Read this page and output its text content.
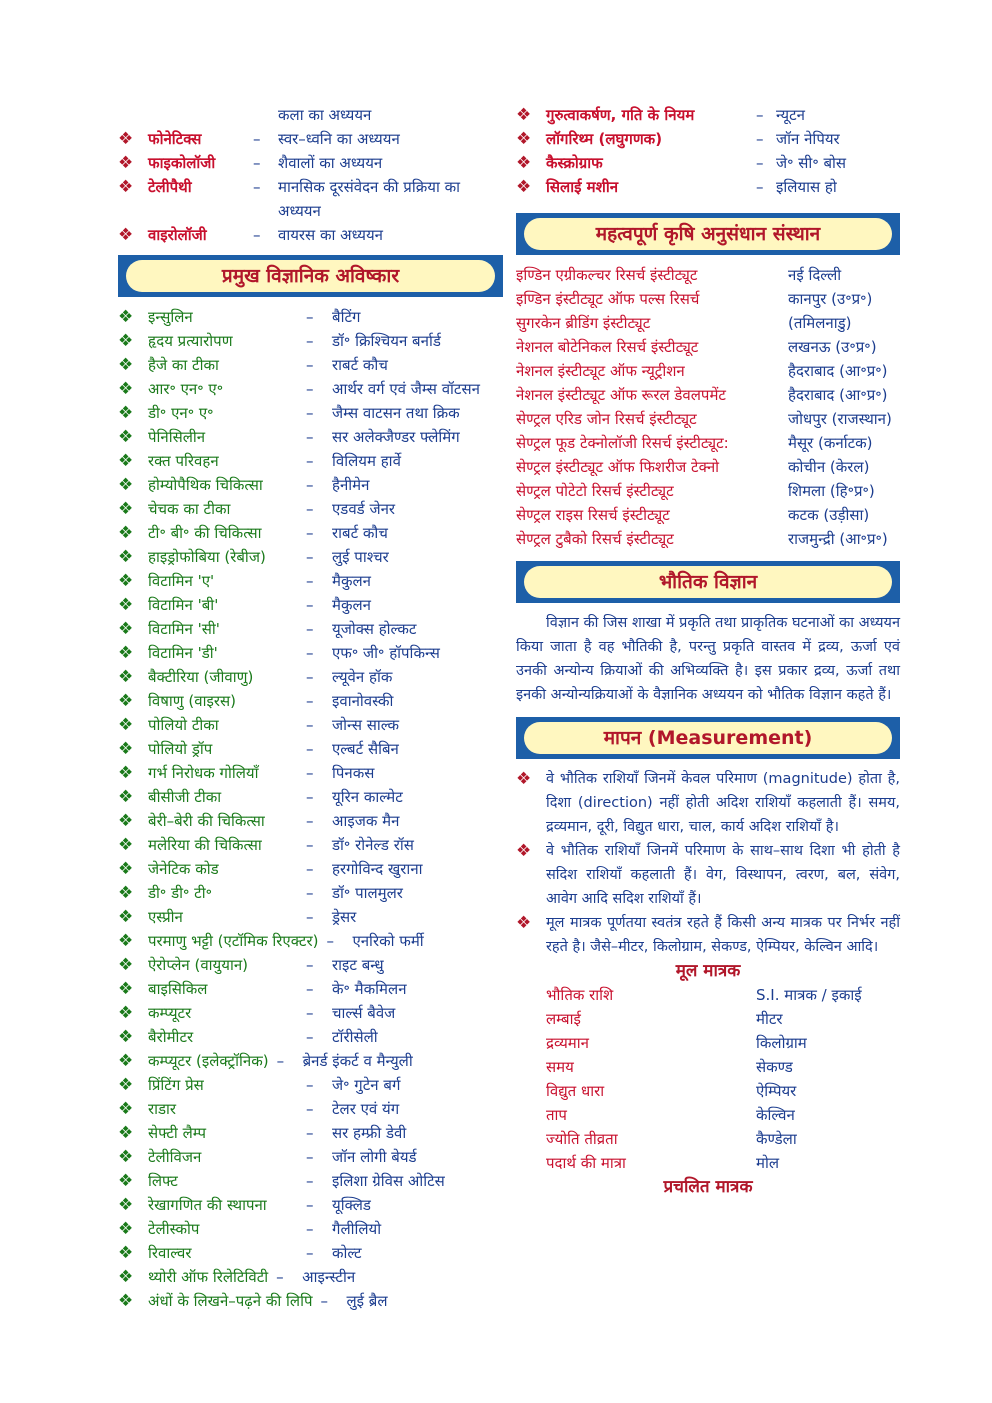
कला का अध्ययन
❖ फोनेटिक्स	–	स्वर–ध्वनि का अध्ययन
❖ फाइकोलॉजी	–	शैवालों का अध्ययन
❖ टेलीपैथी	–	मानसिक दूरसंवेदन की प्रक्रिया का
अध्ययन
❖ वाइरोलॉजी	–	वायरस का अध्ययन
प्रमुख विज्ञानिक अविष्कार
❖ इन्सुलिन	–	बैटिंग
❖ हृदय प्रत्यारोपण	–	डॉ॰ क्रिश्चियन बर्नार्ड
❖ हैजे का टीका	–	राबर्ट कौच
❖ आर॰ एन॰ ए॰	–	आर्थर वर्ग एवं जैम्स वॉटसन
❖ डी॰ एन॰ ए॰	–	जैम्स वाटसन तथा क्रिक
❖ पेनिसिलीन	–	सर अलेक्जैण्डर फ्लेमिंग
❖ रक्त परिवहन	–	विलियम हार्वे
❖ होम्योपैथिक चिकित्सा	–	हैनीमेन
❖ चेचक का टीका	–	एडवर्ड जेनर
❖ टी॰ बी॰ की चिकित्सा	–	राबर्ट कौच
❖ हाइड्रोफोबिया (रेबीज)	–	लुई पाश्चर
❖ विटामिन 'ए'	–	मैकुलन
❖ विटामिन 'बी'	–	मैकुलन
❖ विटामिन 'सी'	–	यूजोक्स होल्कट
❖ विटामिन 'डी'	–	एफ॰ जी॰ हॉपकिन्स
❖ बैक्टीरिया (जीवाणु)	–	ल्यूवेन हॉक
❖ विषाणु (वाइरस)	–	इवानोवस्की
❖ पोलियो टीका	–	जोन्स साल्क
❖ पोलियो ड्रॉप	–	एल्बर्ट सैबिन
❖ गर्भ निरोधक गोलियाँ	–	पिनकस
❖ बीसीजी टीका	–	यूरिन काल्मेट
❖ बेरी–बेरी की चिकित्सा	–	आइजक मैन
❖ मलेरिया की चिकित्सा	–	डॉ॰ रोनेल्ड रॉस
❖ जेनेटिक कोड	–	हरगोविन्द खुराना
❖ डी॰ डी॰ टी॰	–	डॉ॰ पालमुलर
❖ एस्प्रीन	–	ड्रेसर
❖ परमाणु भट्टी (एटॉमिक रिएक्टर) –	एनरिको फर्मी
❖ ऐरोप्लेन (वायुयान)	–	राइट बन्धु
❖ बाइसिकिल	–	के॰ मैकमिलन
❖ कम्प्यूटर	–	चार्ल्स बैवेज
❖ बैरोमीटर	–	टॉरीसेली
❖ कम्प्यूटर (इलेक्ट्रॉनिक) –	ब्रेनर्ड इंकर्ट व मैन्युली
❖ प्रिंटिंग प्रेस	–	जे॰ गुटेन बर्ग
❖ राडार	–	टेलर एवं यंग
❖ सेफ्टी लैम्प	–	सर हम्फ्री डेवी
❖ टेलीविजन	–	जॉन लोगी बेयर्ड
❖ लिफ्ट	–	इलिशा ग्रेविस ओटिस
❖ रेखागणित की स्थापना	–	यूक्लिड
❖ टेलीस्कोप	–	गैलीलियो
❖ रिवाल्वर	–	कोल्ट
❖ थ्योरी ऑफ रिलेटिविटी –	आइन्स्टीन
❖ अंधों के लिखने–पढ़ने की लिपि –	लुई ब्रैल
❖ गुरुत्वाकर्षण, गति के नियम	– न्यूटन
❖ लॉगरिथ्म (लघुगणक)	– जॉन नेपियर
❖ कैस्क्रोग्राफ	– जे॰ सी॰ बोस
❖ सिलाई मशीन	– इलियास हो
महत्वपूर्ण कृषि अनुसंधान संस्थान
इण्डिन एग्रीकल्चर रिसर्च इंस्टीट्यूट	नई दिल्ली
इण्डिन इंस्टीट्यूट ऑफ पल्स रिसर्च	कानपुर (उ॰प्र॰)
सुगरकेन ब्रीडिंग इंस्टीट्यूट	(तमिलनाडु)
नेशनल बोटेनिकल रिसर्च इंस्टीट्यूट	लखनऊ (उ॰प्र॰)
नेशनल इंस्टीट्यूट ऑफ न्यूट्रीशन	हैदराबाद (आ॰प्र॰)
नेशनल इंस्टीट्यूट ऑफ रूरल डेवलपमेंट	हैदराबाद (आ॰प्र॰)
सेण्ट्रल एरिड जोन रिसर्च इंस्टीट्यूट	जोधपुर (राजस्थान)
सेण्ट्रल फूड टेक्नोलॉजी रिसर्च इंस्टीट्यूट:	मैसूर (कर्नाटक)
सेण्ट्रल इंस्टीट्यूट ऑफ फिशरीज टेक्नो	कोचीन (केरल)
सेण्ट्रल पोटेटो रिसर्च इंस्टीट्यूट	शिमला (हि॰प्र॰)
सेण्ट्रल राइस रिसर्च इंस्टीट्यूट	कटक (उड़ीसा)
सेण्ट्रल टुबैको रिसर्च इंस्टीट्यूट	राजमुन्द्री (आ॰प्र॰)
भौतिक विज्ञान
विज्ञान की जिस शाखा में प्रकृति तथा प्राकृतिक घटनाओं का अध्ययन किया जाता है वह भौतिकी है, परन्तु प्रकृति वास्तव में द्रव्य, ऊर्जा एवं उनकी अन्योन्य क्रियाओं की अभिव्यक्ति है। इस प्रकार द्रव्य, ऊर्जा तथा इनकी अन्योन्यक्रियाओं के वैज्ञानिक अध्ययन को भौतिक विज्ञान कहते हैं।
मापन (Measurement)
❖	वे भौतिक राशियाँ जिनमें केवल परिमाण (magnitude) होता है, दिशा (direction) नहीं होती अदिश राशियाँ कहलाती हैं। समय, द्रव्यमान, दूरी, विद्युत धारा, चाल, कार्य अदिश राशियाँ है।
❖	वे भौतिक राशियाँ जिनमें परिमाण के साथ–साथ दिशा भी होती है सदिश राशियाँ कहलाती हैं। वेग, विस्थापन, त्वरण, बल, संवेग, आवेग आदि सदिश राशियाँ हैं।
❖	मूल मात्रक पूर्णतया स्वतंत्र रहते हैं किसी अन्य मात्रक पर निर्भर नहीं रहते है। जैसे–मीटर, किलोग्राम, सेकण्ड, ऐम्पियर, केल्विन आदि।
मूल मात्रक
भौतिक राशि	S.I. मात्रक / इकाई
लम्बाई	मीटर
द्रव्यमान	किलोग्राम
समय	सेकण्ड
विद्युत धारा	ऐम्पियर
ताप	केल्विन
ज्योति तीव्रता	कैण्डेला
पदार्थ की मात्रा	मोल
प्रचलित मात्रक
